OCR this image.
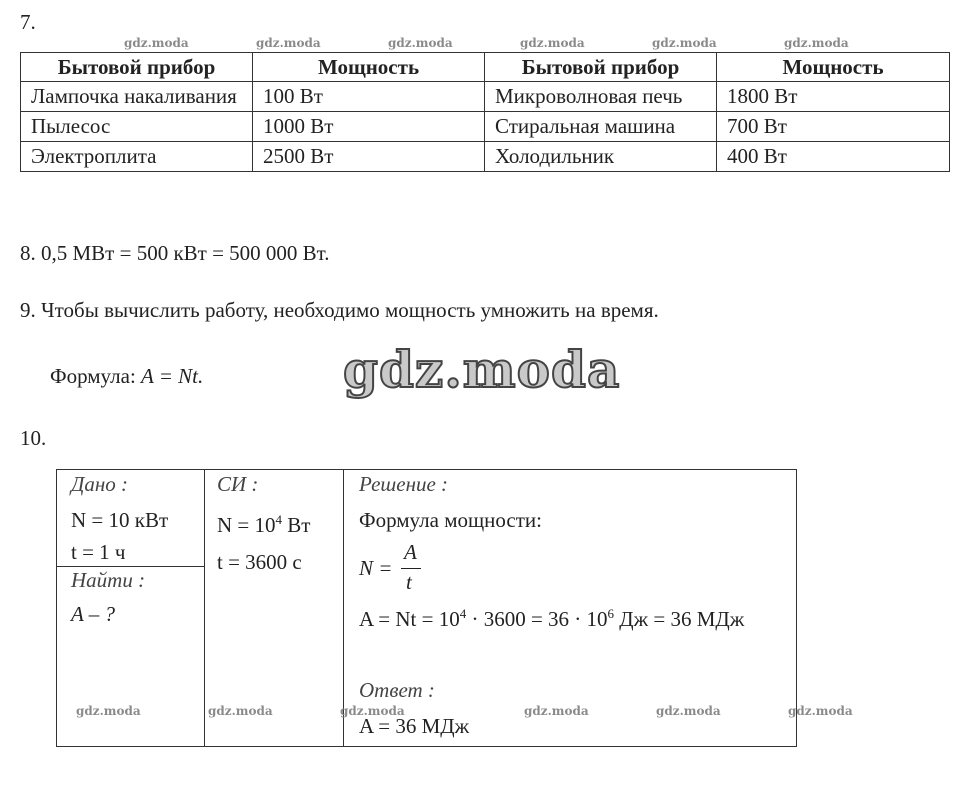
7.
gdz.moda	gdz.moda	gdz.moda	gdz.moda	gdz.moda	gdz.moda
Бытовой прибор	Мощность	Бытовой прибор	Мощность
Лампочка накаливания	100 Вт	Микроволновая печь	1800 Вт
Пылесос	1000 Вт	Стиральная машина	700 Вт
Электроплита	2500 Вт	Холодильник	400 Вт
8. 0,5 МВт = 500 кВт = 500 000 Вт.
9. Чтобы вычислить работу, необходимо мощность умножить на время.
Формула: A = Nt.	gdz.moda
10.
Дано :
N = 10 кВт
t = 1 ч
Найти :
A – ?
СИ :
$N = 10^4$ Вт
t = 3600 с
Решение :
Формула мощности:
N =
A
t
$A = Nt = 10^4 \cdot 3600 = 36 \cdot 10^6$ Дж = 36 МДж
Ответ :
A = 36 МДж
gdz.moda	gdz.moda	gdz.moda	gdz.moda	gdz.moda	gdz.moda
